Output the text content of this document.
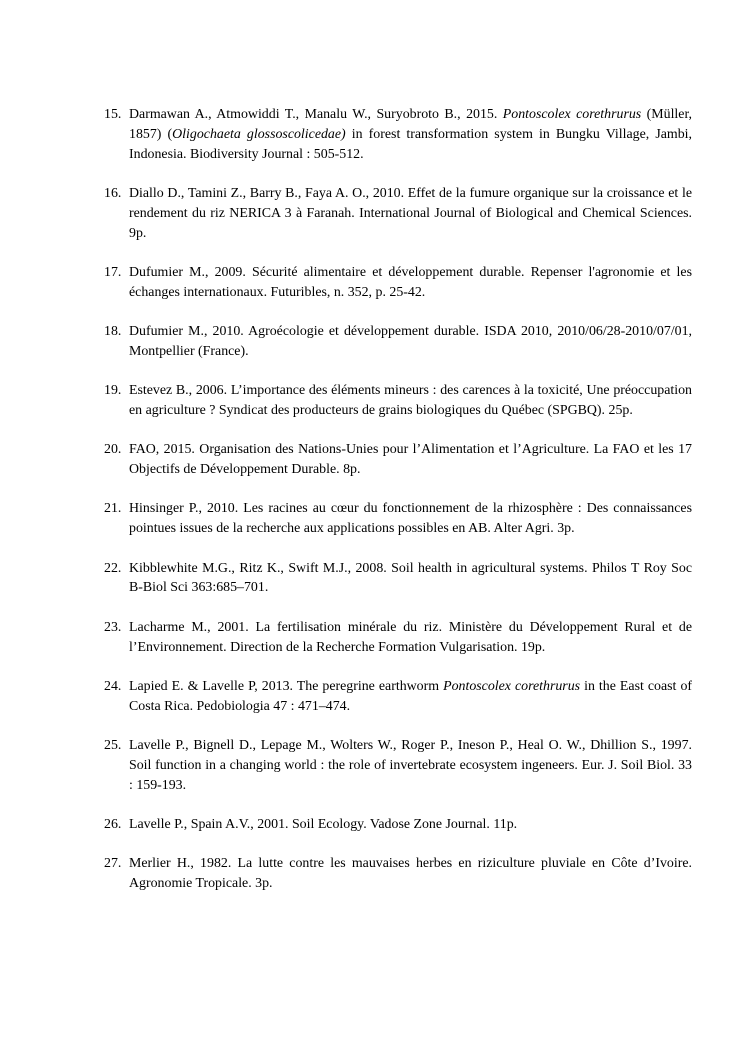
15. Darmawan A., Atmowiddi T., Manalu W., Suryobroto B., 2015. Pontoscolex corethrurus (Müller, 1857) (Oligochaeta glossoscolicedae) in forest transformation system in Bungku Village, Jambi, Indonesia. Biodiversity Journal : 505-512.
16. Diallo D., Tamini Z., Barry B., Faya A. O., 2010. Effet de la fumure organique sur la croissance et le rendement du riz NERICA 3 à Faranah. International Journal of Biological and Chemical Sciences. 9p.
17. Dufumier M., 2009. Sécurité alimentaire et développement durable. Repenser l'agronomie et les échanges internationaux. Futuribles, n. 352, p. 25-42.
18. Dufumier M., 2010. Agroécologie et développement durable. ISDA 2010, 2010/06/28-2010/07/01, Montpellier (France).
19. Estevez B., 2006. L’importance des éléments mineurs : des carences à la toxicité, Une préoccupation en agriculture ? Syndicat des producteurs de grains biologiques du Québec (SPGBQ). 25p.
20. FAO, 2015. Organisation des Nations-Unies pour l’Alimentation et l’Agriculture. La FAO et les 17 Objectifs de Développement Durable. 8p.
21. Hinsinger P., 2010. Les racines au cœur du fonctionnement de la rhizosphère : Des connaissances pointues issues de la recherche aux applications possibles en AB. Alter Agri. 3p.
22. Kibblewhite M.G., Ritz K., Swift M.J., 2008. Soil health in agricultural systems. Philos T Roy Soc B-Biol Sci 363:685–701.
23. Lacharme M., 2001. La fertilisation minérale du riz. Ministère du Développement Rural et de l’Environnement. Direction de la Recherche Formation Vulgarisation. 19p.
24. Lapied E. & Lavelle P, 2013. The peregrine earthworm Pontoscolex corethrurus in the East coast of Costa Rica. Pedobiologia 47 : 471–474.
25. Lavelle P., Bignell D., Lepage M., Wolters W., Roger P., Ineson P., Heal O. W., Dhillion S., 1997. Soil function in a changing world : the role of invertebrate ecosystem ingeneers. Eur. J. Soil Biol. 33 : 159-193.
26. Lavelle P., Spain A.V., 2001. Soil Ecology. Vadose Zone Journal. 11p.
27. Merlier H., 1982. La lutte contre les mauvaises herbes en riziculture pluviale en Côte d’Ivoire. Agronomie Tropicale. 3p.
